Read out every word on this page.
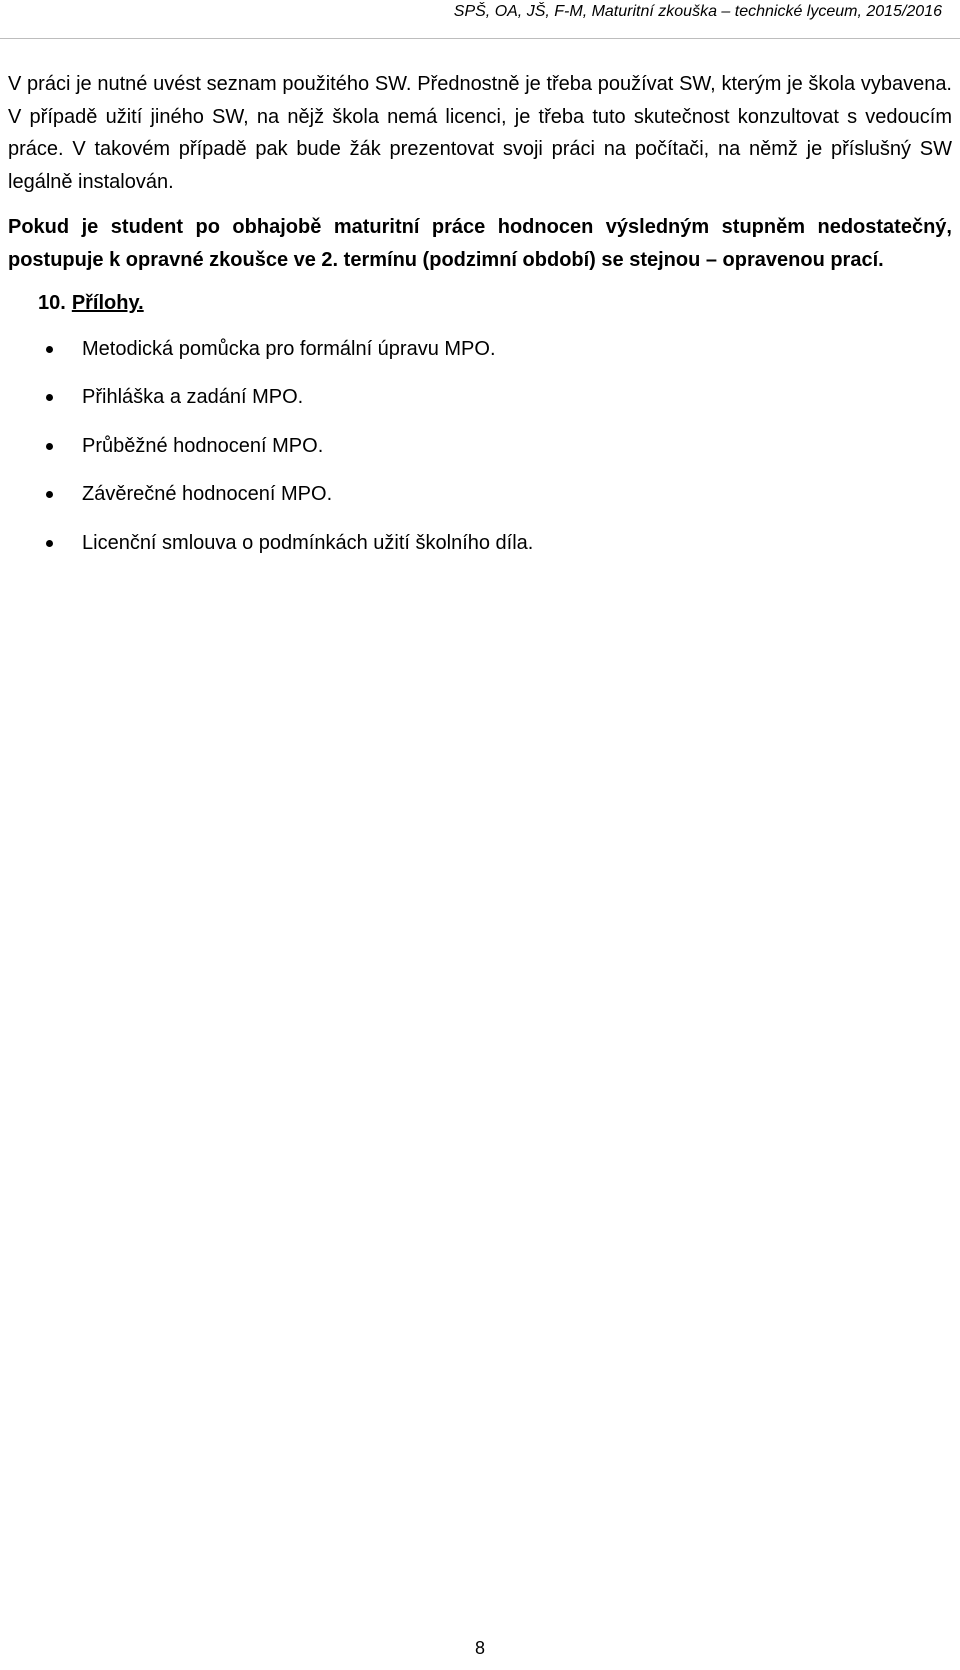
SPŠ, OA, JŠ, F-M, Maturitní zkouška – technické lyceum, 2015/2016

V práci je nutné uvést seznam použitého SW. Přednostně je třeba používat SW, kterým je škola vybavena. V případě užití jiného SW, na nějž škola nemá licenci, je třeba tuto skutečnost konzultovat s vedoucím práce. V takovém případě pak bude žák prezentovat svoji práci na počítači, na němž je příslušný SW legálně instalován.

Pokud je student po obhajobě maturitní práce hodnocen výsledným stupněm nedostatečný, postupuje k opravné zkoušce ve 2. termínu (podzimní období) se stejnou – opravenou prací.

10. Přílohy.
Metodická pomůcka pro formální úpravu MPO.
Přihláška a zadání MPO.
Průběžné hodnocení MPO.
Závěrečné hodnocení MPO.
Licenční smlouva o podmínkách užití školního díla.
8
